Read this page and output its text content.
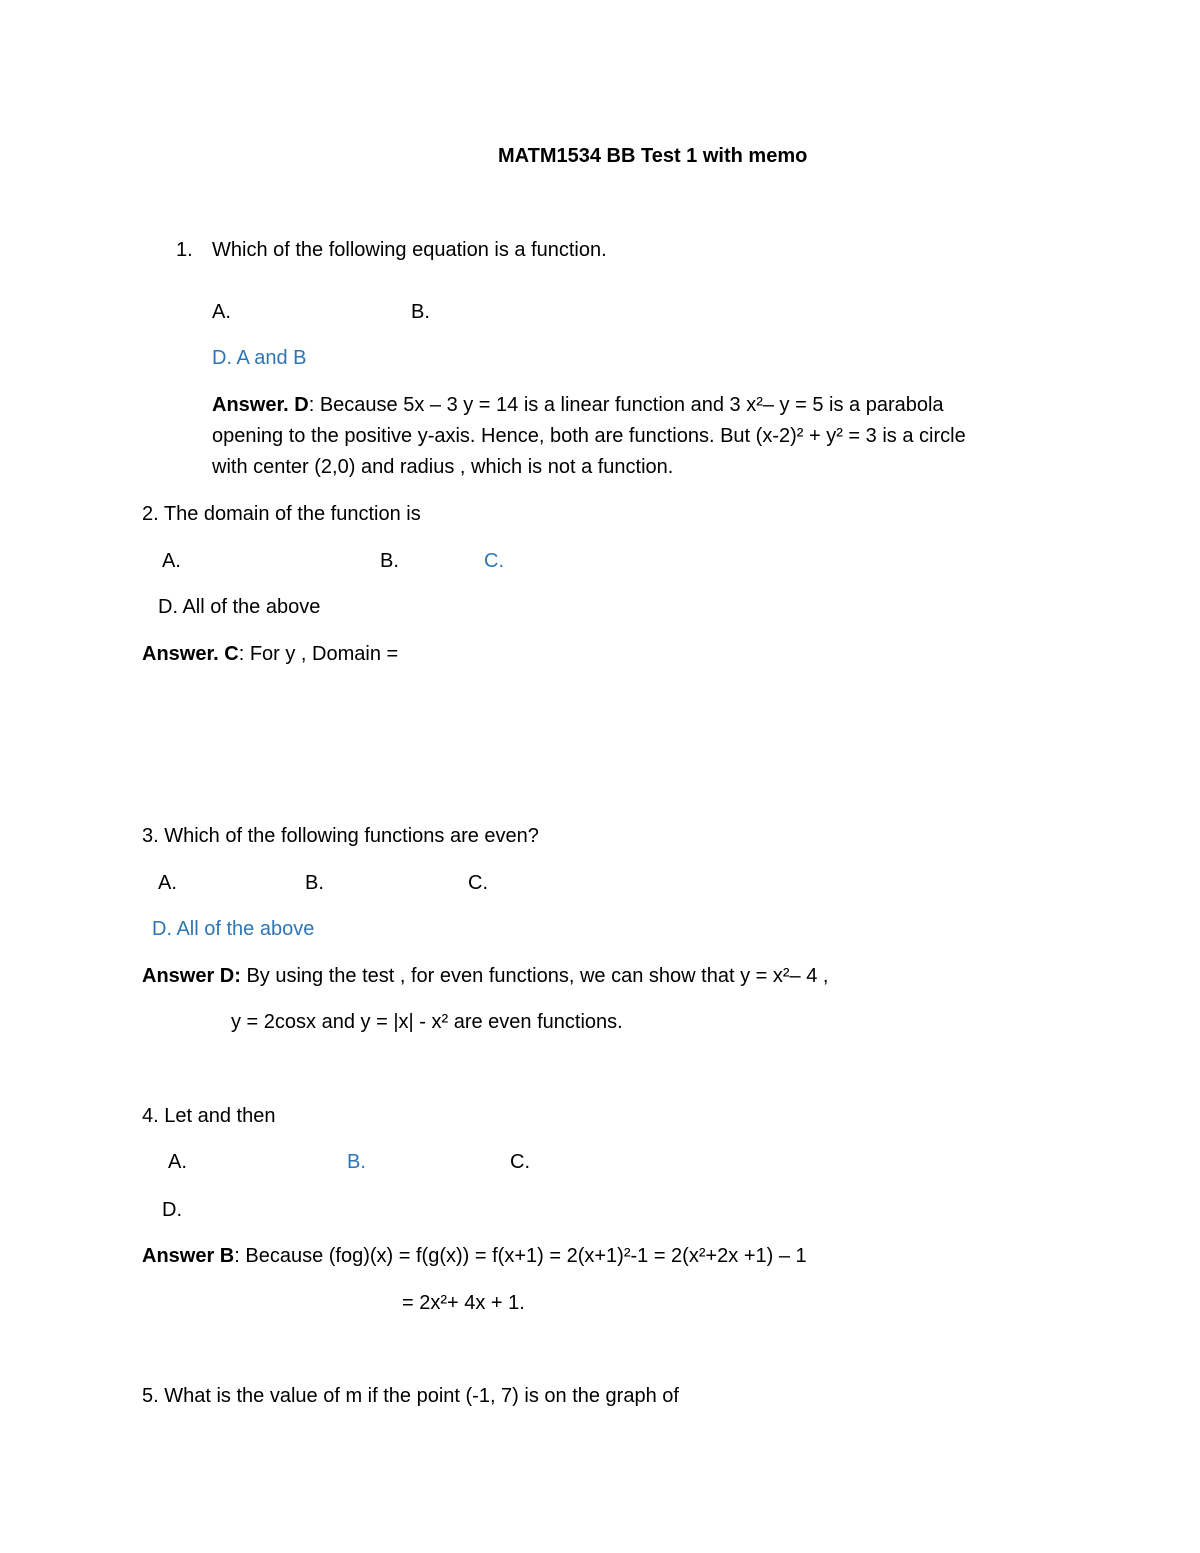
MATM1534 BB Test 1 with memo
1. Which of the following equation is a function.
A.	B.
D. A and B
Answer. D: Because 5x – 3 y = 14 is a linear function and 3 x²– y = 5 is a parabola
opening to the positive y-axis. Hence, both are functions. But (x-2)² + y² = 3 is a circle
with center (2,0) and radius , which is not a function.
2. The domain of the function is
A.	B.	C.
D. All of the above
Answer. C: For y , Domain =
3. Which of the following functions are even?
A.	B.	C.
D. All of the above
Answer D: By using the test , for even functions, we can show that y = x²– 4 ,
y = 2cosx and y = |x| - x² are even functions.
4. Let and then
A.	B.	C.
D.
Answer B: Because (fog)(x) = f(g(x)) = f(x+1) = 2(x+1)²-1 = 2(x²+2x +1) – 1
= 2x²+ 4x + 1.
5. What is the value of m if the point (-1, 7) is on the graph of
